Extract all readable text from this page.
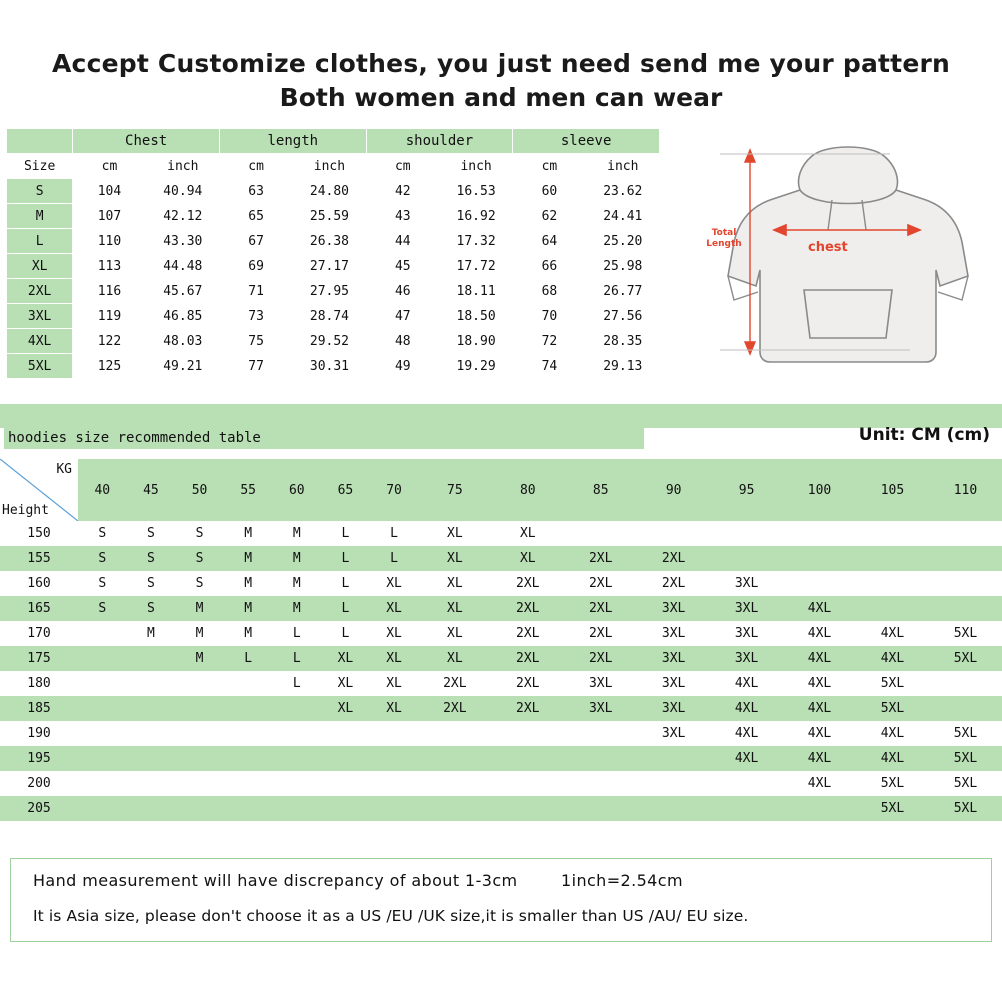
Accept Customize clothes, you just need send me your pattern
Both women and men can wear
	Chest		length		shoulder		sleeve	
Size	cm	inch	cm	inch	cm	inch	cm	inch
S	104	40.94	63	24.80	42	16.53	60	23.62
M	107	42.12	65	25.59	43	16.92	62	24.41
L	110	43.30	67	26.38	44	17.32	64	25.20
XL	113	44.48	69	27.17	45	17.72	66	25.98
2XL	116	45.67	71	27.95	46	18.11	68	26.77
3XL	119	46.85	73	28.74	47	18.50	70	27.56
4XL	122	48.03	75	29.52	48	18.90	72	28.35
5XL	125	49.21	77	30.31	49	19.29	74	29.13
chest
Total Length
hoodies size recommended table	Unit: CM (cm)
KG
Height	40	45	50	55	60	65	70	75	80	85	90	95	100	105	110
150	S	S	S	M	M	L	L	XL	XL						
155	S	S	S	M	M	L	L	XL	XL	2XL	2XL				
160	S	S	S	M	M	L	XL	XL	2XL	2XL	2XL	3XL			
165	S	S	M	M	M	L	XL	XL	2XL	2XL	3XL	3XL	4XL		
170		M	M	M	L	L	XL	XL	2XL	2XL	3XL	3XL	4XL	4XL	5XL
175			M	L	L	XL	XL	XL	2XL	2XL	3XL	3XL	4XL	4XL	5XL
180					L	XL	XL	2XL	2XL	3XL	3XL	4XL	4XL	5XL	
185						XL	XL	2XL	2XL	3XL	3XL	4XL	4XL	5XL	
190											3XL	4XL	4XL	4XL	5XL
195												4XL	4XL	4XL	5XL
200													4XL	5XL	5XL
205														5XL	5XL
Hand measurement will have discrepancy of about 1-3cm	1inch=2.54cm
It is Asia size, please don't choose it as a US /EU /UK size,it is smaller than US /AU/ EU size.
